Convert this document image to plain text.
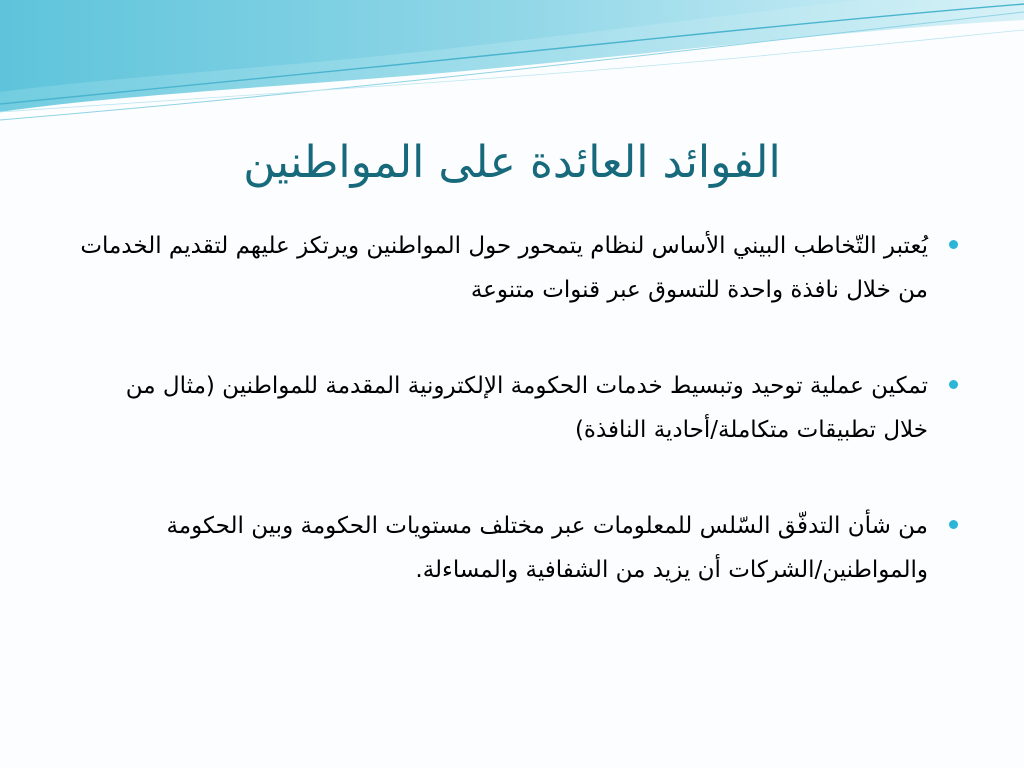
الفوائد العائدة على المواطنين
يُعتبر التّخاطب البيني الأساس لنظام يتمحور حول المواطنين ويرتكز عليهم لتقديم الخدمات من خلال نافذة واحدة للتسوق عبر قنوات متنوعة
تمكين عملية توحيد وتبسيط خدمات الحكومة الإلكترونية المقدمة للمواطنين (مثال من خلال تطبيقات متكاملة/أحادية النافذة)
من شأن التدفّق السّلس للمعلومات عبر مختلف مستويات الحكومة وبين الحكومة والمواطنين/الشركات أن يزيد من الشفافية والمساءلة.
